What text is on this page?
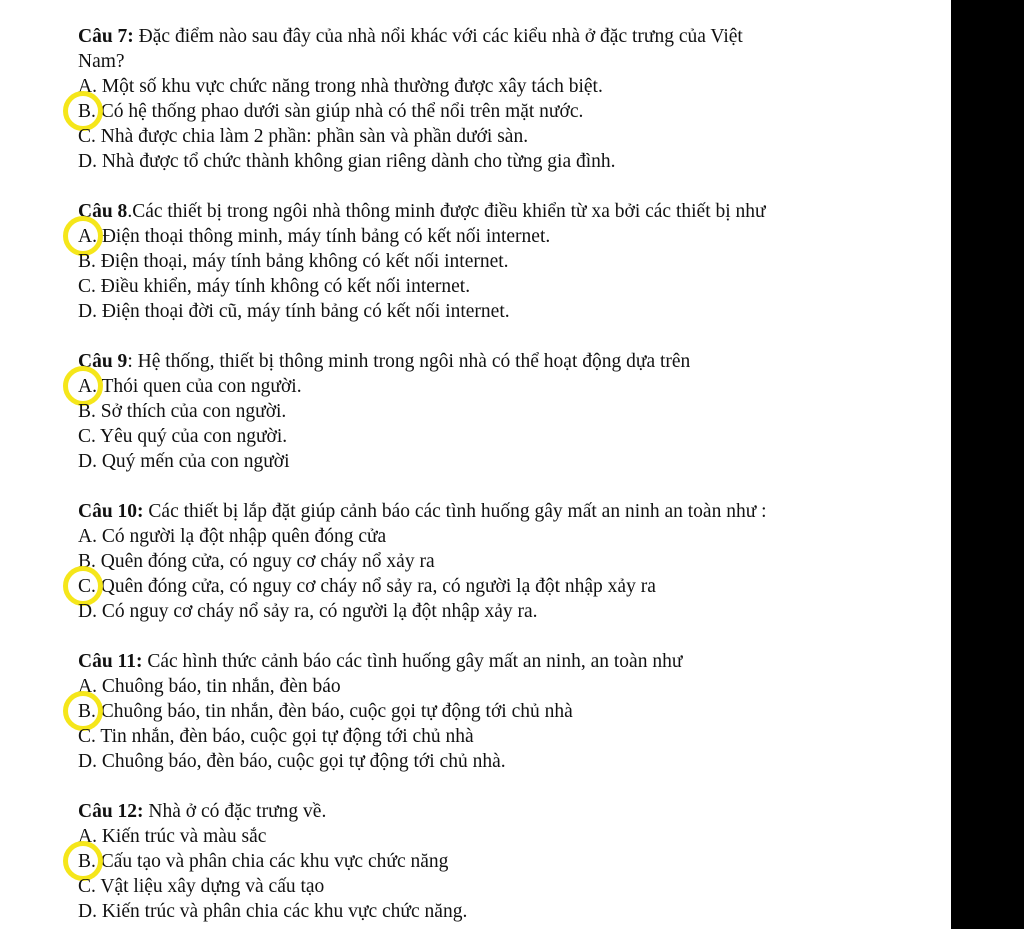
Câu 7: Đặc điểm nào sau đây của nhà nổi khác với các kiểu nhà ở đặc trưng của Việt
Nam?
A. Một số khu vực chức năng trong nhà thường được xây tách biệt.
B. Có hệ thống phao dưới sàn giúp nhà có thể nổi trên mặt nước.
C. Nhà được chia làm 2 phần: phần sàn và phần dưới sàn.
D. Nhà được tổ chức thành không gian riêng dành cho từng gia đình.
Câu 8.Các thiết bị trong ngôi nhà thông minh được điều khiển từ xa bởi các thiết bị như
A. Điện thoại thông minh, máy tính bảng có kết nối internet.
B. Điện thoại, máy tính bảng không có kết nối internet.
C. Điều khiển, máy tính không có kết nối internet.
D. Điện thoại đời cũ, máy tính bảng có kết nối internet.
Câu 9: Hệ thống, thiết bị thông minh trong ngôi nhà có thể hoạt động dựa trên
A. Thói quen của con người.
B. Sở thích của con người.
C. Yêu quý của con người.
D. Quý mến của con người
Câu 10: Các thiết bị lắp đặt giúp cảnh báo các tình huống gây mất an ninh an toàn như :
A. Có người lạ đột nhập quên đóng cửa
B. Quên đóng cửa, có nguy cơ cháy nổ xảy ra
C. Quên đóng cửa, có nguy cơ cháy nổ sảy ra, có người lạ đột nhập xảy ra
D. Có nguy cơ cháy nổ sảy ra, có người lạ đột nhập xảy ra.
Câu 11: Các hình thức cảnh báo các tình huống gây mất an ninh, an toàn như
A. Chuông báo, tin nhắn, đèn báo
B. Chuông báo, tin nhắn, đèn báo, cuộc gọi tự động tới chủ nhà
C. Tin nhắn, đèn báo, cuộc gọi tự động tới chủ nhà
D. Chuông báo, đèn báo, cuộc gọi tự động tới chủ nhà.
Câu 12: Nhà ở có đặc trưng về.
A. Kiến trúc và màu sắc
B. Cấu tạo và phân chia các khu vực chức năng
C. Vật liệu xây dựng và cấu tạo
D. Kiến trúc và phân chia các khu vực chức năng.
